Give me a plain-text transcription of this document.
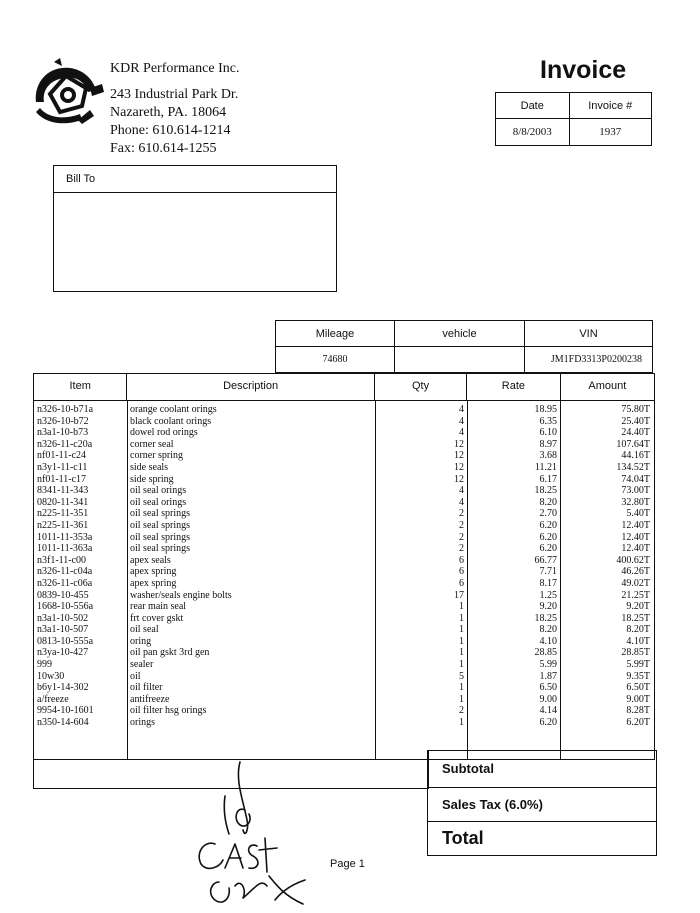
KDR Performance Inc.
243 Industrial Park Dr.
Nazareth, PA. 18064
Phone: 610.614-1214
Fax: 610.614-1255
Invoice
Date	Invoice #
8/8/2003	1937
Bill To
Mileage	vehicle	VIN
74680		JM1FD3313P0200238
Item	Description	Qty	Rate	Amount
n326-10-b71a	orange coolant orings	4	18.95	75.80T
n326-10-b72	black coolant orings	4	6.35	25.40T
n3a1-10-b73	dowel rod orings	4	6.10	24.40T
n326-11-c20a	corner seal	12	8.97	107.64T
nf01-11-c24	corner spring	12	3.68	44.16T
n3y1-11-c11	side seals	12	11.21	134.52T
nf01-11-c17	side spring	12	6.17	74.04T
8341-11-343	oil seal orings	4	18.25	73.00T
0820-11-341	oil seal orings	4	8.20	32.80T
n225-11-351	oil seal springs	2	2.70	5.40T
n225-11-361	oil seal springs	2	6.20	12.40T
1011-11-353a	oil seal springs	2	6.20	12.40T
1011-11-363a	oil seal springs	2	6.20	12.40T
n3f1-11-c00	apex seals	6	66.77	400.62T
n326-11-c04a	apex spring	6	7.71	46.26T
n326-11-c06a	apex spring	6	8.17	49.02T
0839-10-455	washer/seals engine bolts	17	1.25	21.25T
1668-10-556a	rear main seal	1	9.20	9.20T
n3a1-10-502	frt cover gskt	1	18.25	18.25T
n3a1-10-507	oil seal	1	8.20	8.20T
0813-10-555a	oring	1	4.10	4.10T
n3ya-10-427	oil pan gskt 3rd gen	1	28.85	28.85T
999	sealer	1	5.99	5.99T
10w30	oil	5	1.87	9.35T
b6y1-14-302	oil filter	1	6.50	6.50T
a/freeze	antifreeze	1	9.00	9.00T
9954-10-1601	oil filter hsg orings	2	4.14	8.28T
n350-14-604	orings	1	6.20	6.20T
Subtotal
Sales Tax (6.0%)
Total
Page 1
